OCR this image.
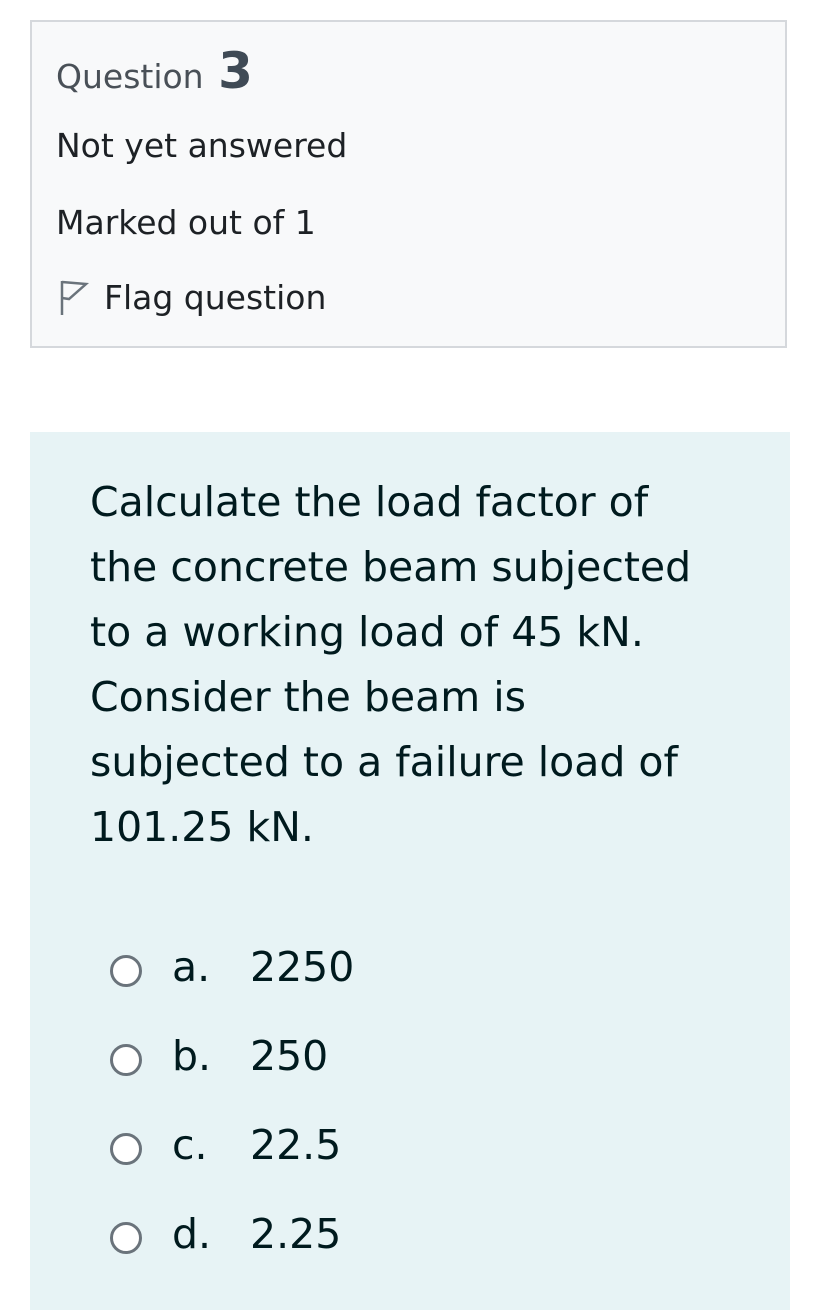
Question 3
Not yet answered
Marked out of 1
Flag question
Calculate the load factor of the concrete beam subjected to a working load of 45 kN. Consider the beam is subjected to a failure load of 101.25 kN.
a. 2250
b. 250
c.	22.5
d. 2.25
